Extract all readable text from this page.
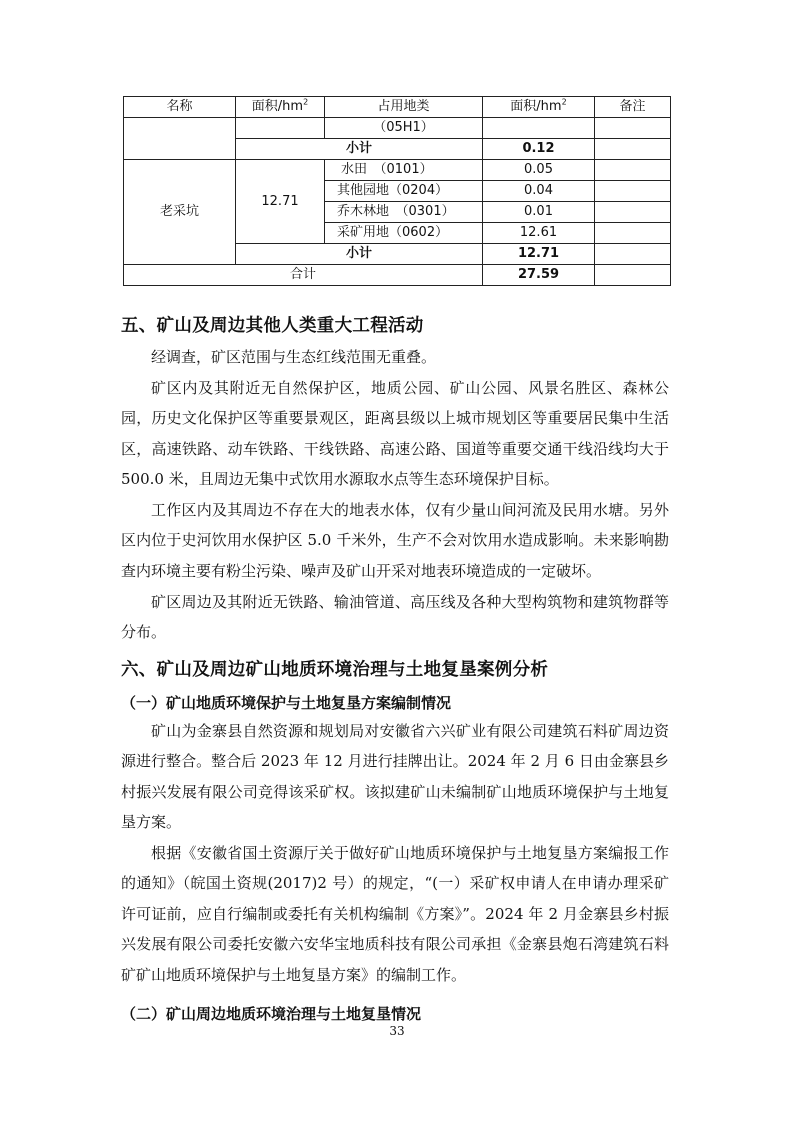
名称	面积$/hm^2$	占用地类	面积$/hm^2$	备注
		（05H1）		
	小计		0.12	
老采坑	12.71	水田　（0101）	0.05	
		其他园地（0204）	0.04	
		乔木林地　（0301）	0.01	
		采矿用地（0602）	12.61	
	小计		12.71	
合计			27.59	
五、矿山及周边其他人类重大工程活动

经调查，矿区范围与生态红线范围无重叠。

矿区内及其附近无自然保护区，地质公园、矿山公园、风景名胜区、森林公园，历史文化保护区等重要景观区，距离县级以上城市规划区等重要居民集中生活区，高速铁路、动车铁路、干线铁路、高速公路、国道等重要交通干线沿线均大于 500.0 米，且周边无集中式饮用水源取水点等生态环境保护目标。

工作区内及其周边不存在大的地表水体，仅有少量山间河流及民用水塘。另外区内位于史河饮用水保护区 5.0 千米外，生产不会对饮用水造成影响。未来影响勘查内环境主要有粉尘污染、噪声及矿山开采对地表环境造成的一定破坏。

矿区周边及其附近无铁路、输油管道、高压线及各种大型构筑物和建筑物群等分布。

六、矿山及周边矿山地质环境治理与土地复垦案例分析
（一）矿山地质环境保护与土地复垦方案编制情况

矿山为金寨县自然资源和规划局对安徽省六兴矿业有限公司建筑石料矿周边资源进行整合。整合后 2023 年 12 月进行挂牌出让。2024 年 2 月 6 日由金寨县乡村振兴发展有限公司竞得该采矿权。该拟建矿山未编制矿山地质环境保护与土地复垦方案。

根据《安徽省国土资源厅关于做好矿山地质环境保护与土地复垦方案编报工作的通知》（皖国土资规(2017)2 号）的规定，“(一）采矿权申请人在申请办理采矿许可证前，应自行编制或委托有关机构编制《方案》”。2024 年 2 月金寨县乡村振兴发展有限公司委托安徽六安华宝地质科技有限公司承担《金寨县炮石湾建筑石料矿矿山地质环境保护与土地复垦方案》的编制工作。

（二）矿山周边地质环境治理与土地复垦情况
33
